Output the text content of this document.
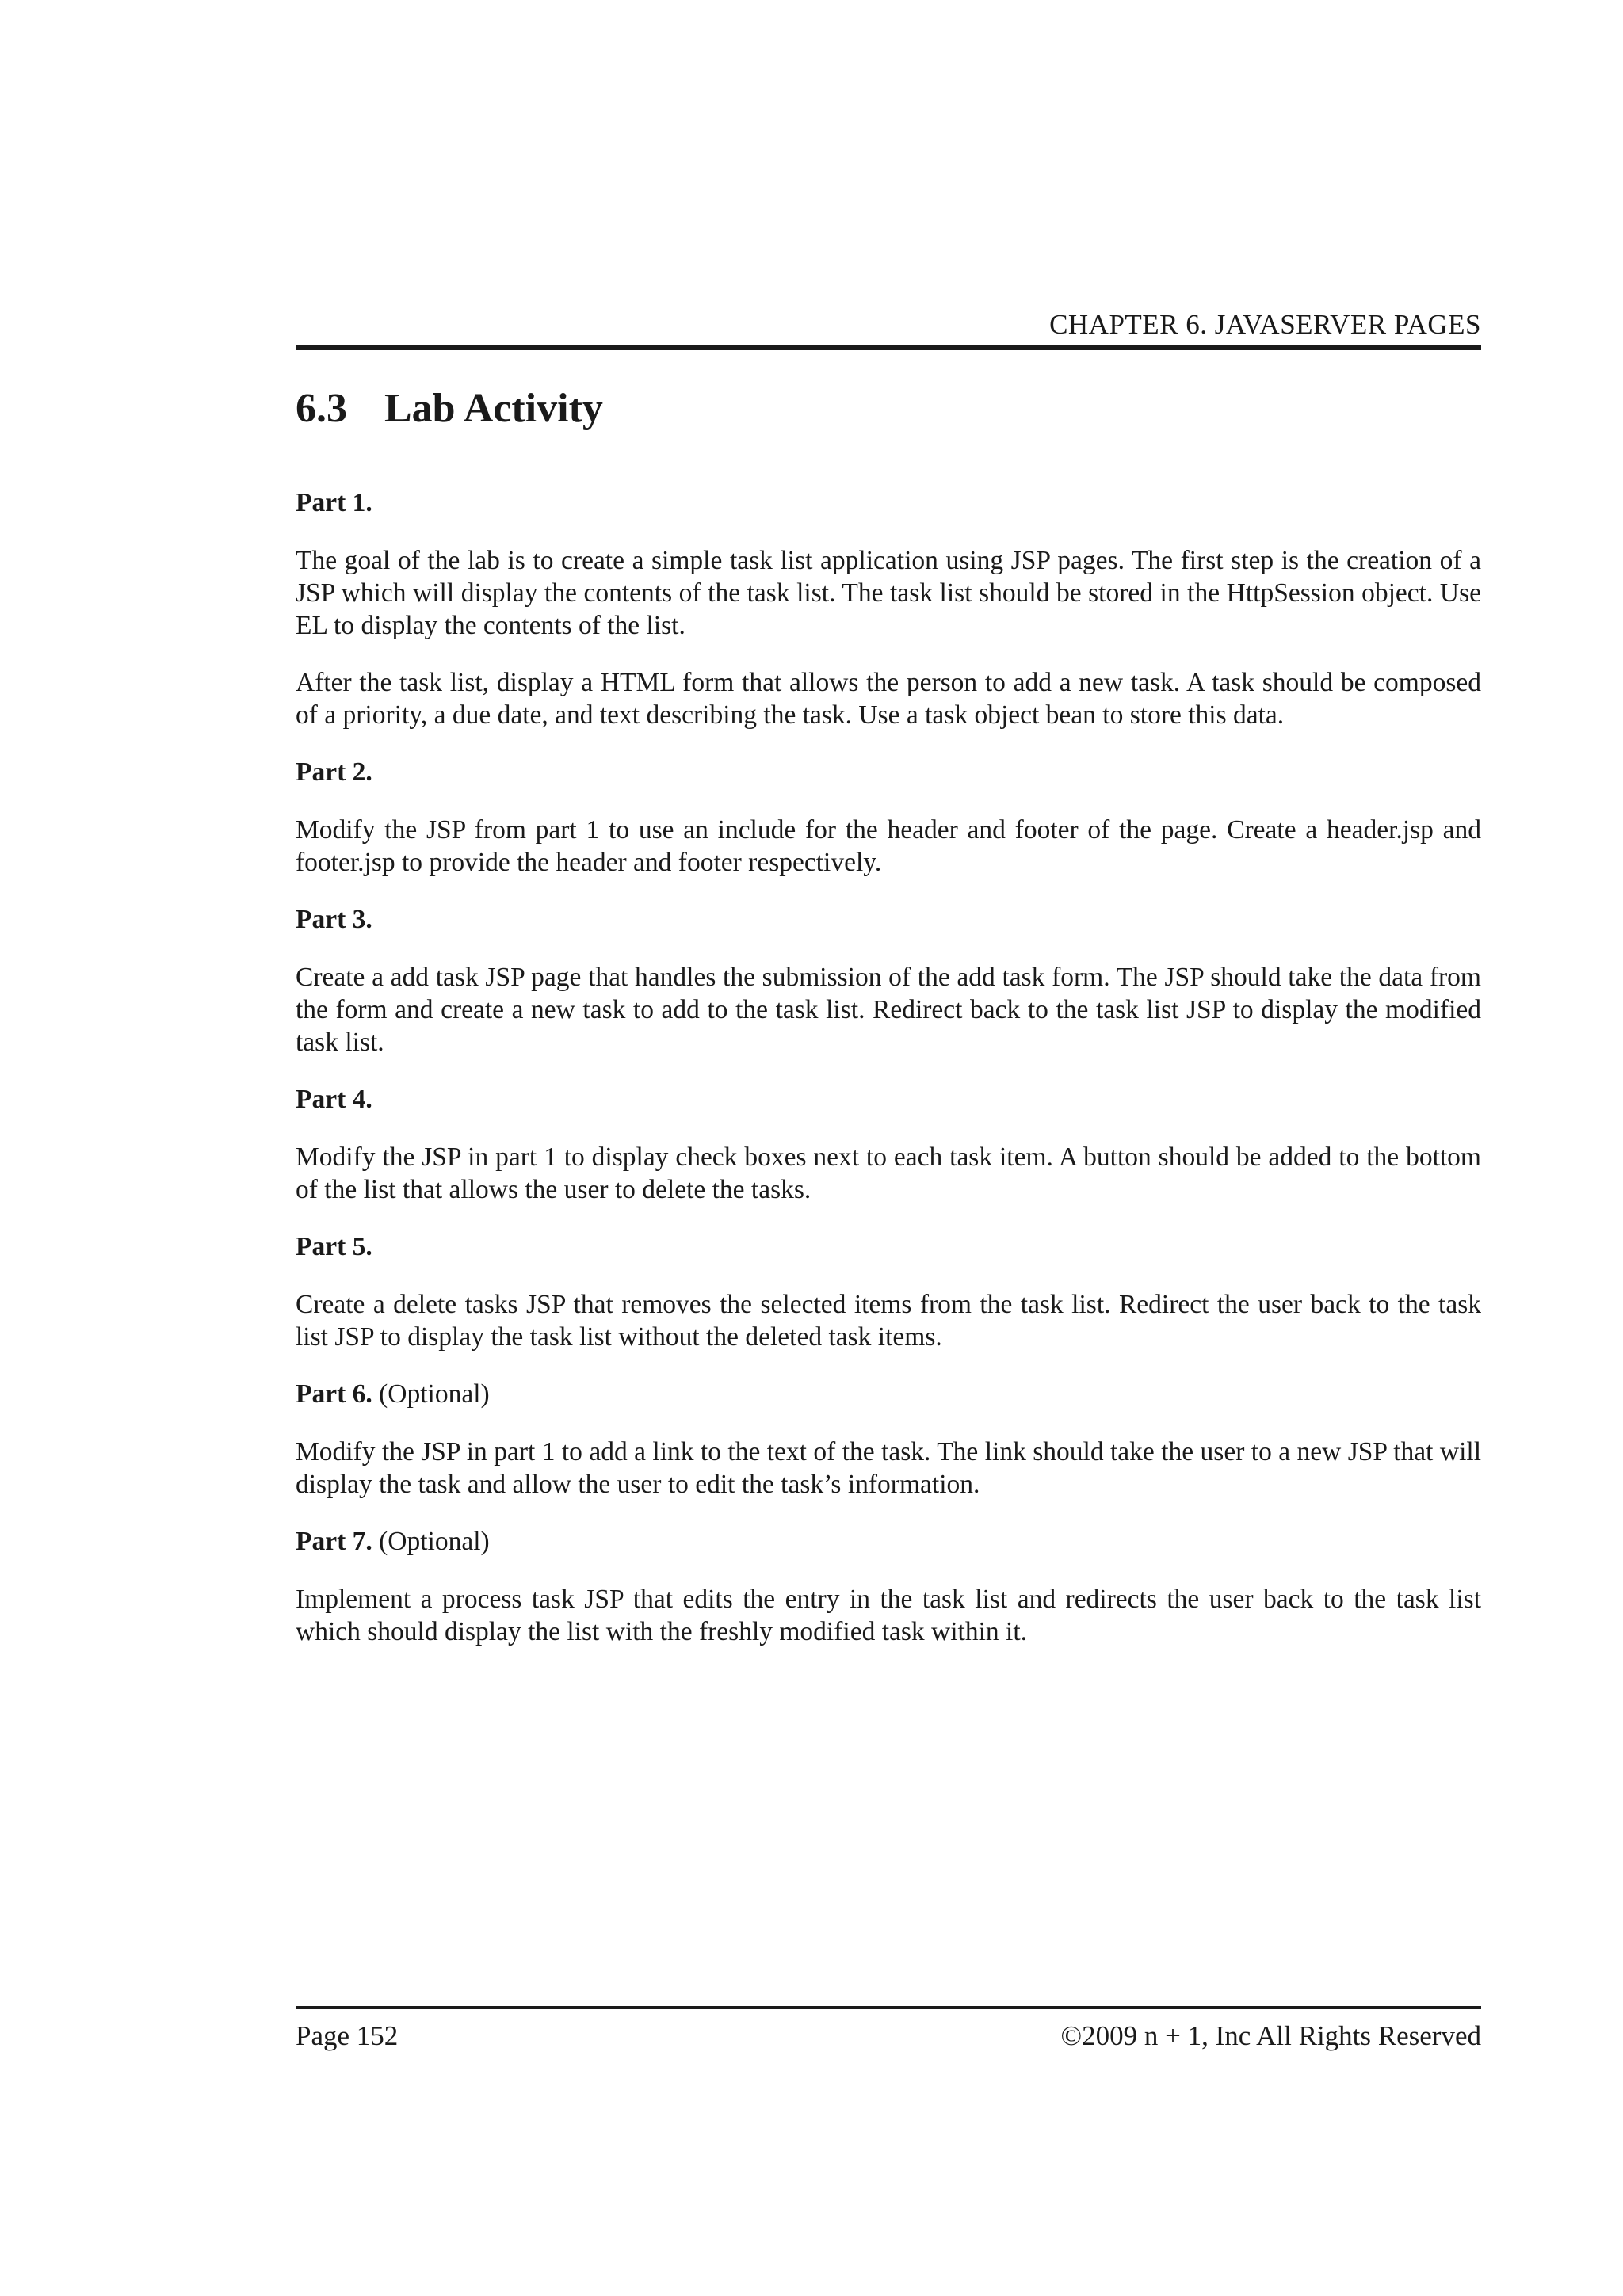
CHAPTER 6. JAVASERVER PAGES
6.3 Lab Activity
Part 1.
The goal of the lab is to create a simple task list application using JSP pages. The first step is the creation of a JSP which will display the contents of the task list. The task list should be stored in the HttpSession object. Use EL to display the contents of the list.
After the task list, display a HTML form that allows the person to add a new task. A task should be composed of a priority, a due date, and text describing the task. Use a task object bean to store this data.
Part 2.
Modify the JSP from part 1 to use an include for the header and footer of the page. Create a header.jsp and footer.jsp to provide the header and footer respectively.
Part 3.
Create a add task JSP page that handles the submission of the add task form. The JSP should take the data from the form and create a new task to add to the task list. Redirect back to the task list JSP to display the modified task list.
Part 4.
Modify the JSP in part 1 to display check boxes next to each task item. A button should be added to the bottom of the list that allows the user to delete the tasks.
Part 5.
Create a delete tasks JSP that removes the selected items from the task list. Redirect the user back to the task list JSP to display the task list without the deleted task items.
Part 6. (Optional)
Modify the JSP in part 1 to add a link to the text of the task. The link should take the user to a new JSP that will display the task and allow the user to edit the task’s information.
Part 7. (Optional)
Implement a process task JSP that edits the entry in the task list and redirects the user back to the task list which should display the list with the freshly modified task within it.
Page 152	©2009 n + 1, Inc All Rights Reserved
